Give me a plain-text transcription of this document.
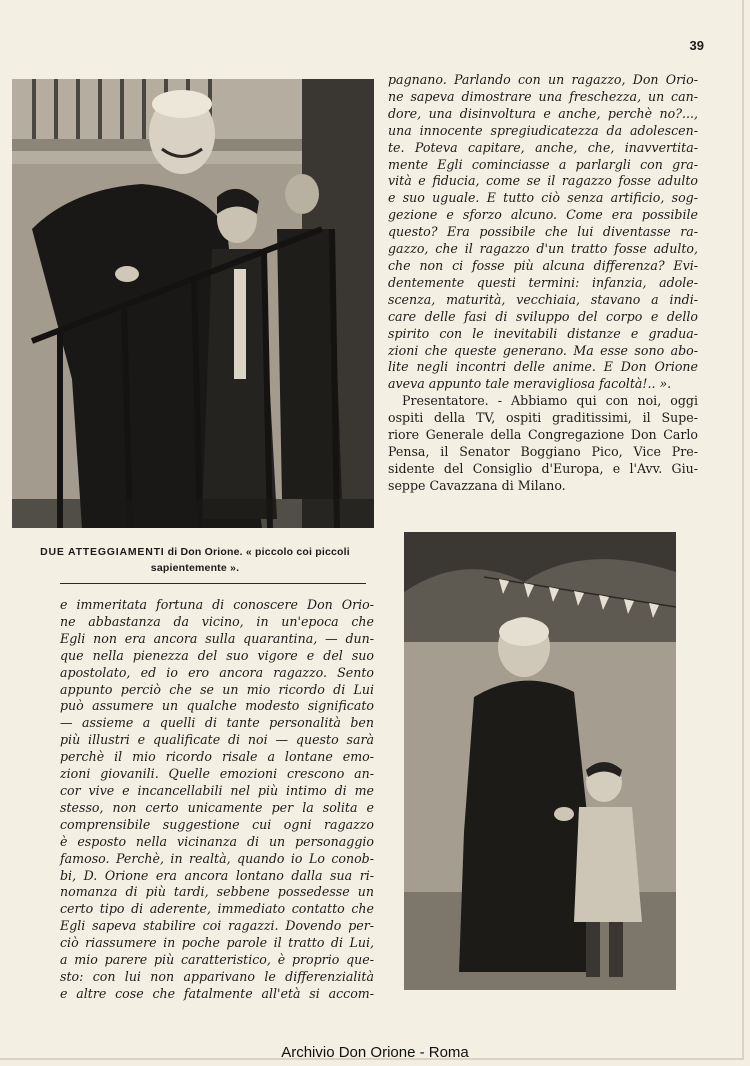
39
DUE ATTEGGIAMENTI di Don Orione. « piccolo coi piccoli sapientemente ».
pagnano. Parlando con un ragazzo, Don Orio-
ne sapeva dimostrare una freschezza, un can-
dore, una disinvoltura e anche, perchè no?...,
una innocente spregiudicatezza da adolescen-
te. Poteva capitare, anche, che, inavvertita-
mente Egli cominciasse a parlargli con gra-
vità e fiducia, come se il ragazzo fosse adulto
e suo uguale. E tutto ciò senza artificio, sog-
gezione e sforzo alcuno. Come era possibile
questo? Era possibile che lui diventasse ra-
gazzo, che il ragazzo d'un tratto fosse adulto,
che non ci fosse più alcuna differenza? Evi-
dentemente questi termini: infanzia, adole-
scenza, maturità, vecchiaia, stavano a indi-
care delle fasi di sviluppo del corpo e dello
spirito con le inevitabili distanze e gradua-
zioni che queste generano. Ma esse sono abo-
lite negli incontri delle anime. E Don Orione
aveva appunto tale meravigliosa facoltà!.. ».
Presentatore. - Abbiamo qui con noi, oggi
ospiti della TV, ospiti graditissimi, il Supe-
riore Generale della Congregazione Don Carlo
Pensa, il Senator Boggiano Pico, Vice Pre-
sidente del Consiglio d'Europa, e l'Avv. Giu-
seppe Cavazzana di Milano.
e immeritata fortuna di conoscere Don Orio-
ne abbastanza da vicino, in un'epoca che
Egli non era ancora sulla quarantina, — dun-
que nella pienezza del suo vigore e del suo
apostolato, ed io ero ancora ragazzo. Sento
appunto perciò che se un mio ricordo di Lui
può assumere un qualche modesto significato
— assieme a quelli di tante personalità ben
più illustri e qualificate di noi — questo sarà
perchè il mio ricordo risale a lontane emo-
zioni giovanili. Quelle emozioni crescono an-
cor vive e incancellabili nel più intimo di me
stesso, non certo unicamente per la solita e
comprensibile suggestione cui ogni ragazzo
è esposto nella vicinanza di un personaggio
famoso. Perchè, in realtà, quando io Lo conob-
bi, D. Orione era ancora lontano dalla sua ri-
nomanza di più tardi, sebbene possedesse un
certo tipo di aderente, immediato contatto che
Egli sapeva stabilire coi ragazzi. Dovendo per-
ciò riassumere in poche parole il tratto di Lui,
a mio parere più caratteristico, è proprio que-
sto: con lui non apparivano le differenzialità
e altre cose che fatalmente all'età si accom-
Archivio Don Orione - Roma
